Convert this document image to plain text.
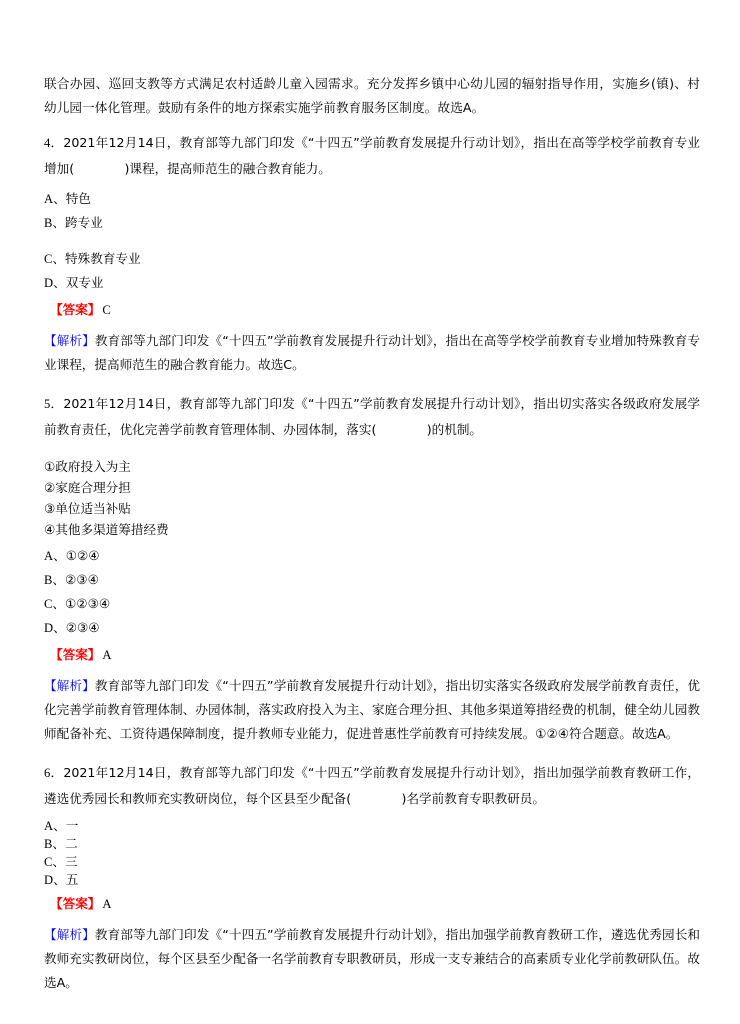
联合办园、巡回支教等方式满足农村适龄儿童入园需求。充分发挥乡镇中心幼儿园的辐射指导作用，实施乡(镇)、村幼儿园一体化管理。鼓励有条件的地方探索实施学前教育服务区制度。故选A。

4．2021年12月14日，教育部等九部门印发《“十四五”学前教育发展提升行动计划》，指出在高等学校学前教育专业增加(　　　　)课程，提高师范生的融合教育能力。

A、特色
B、跨专业
C、特殊教育专业
D、双专业

【答案】 C

【解析】教育部等九部门印发《“十四五”学前教育发展提升行动计划》，指出在高等学校学前教育专业增加特殊教育专业课程，提高师范生的融合教育能力。故选C。

5．2021年12月14日，教育部等九部门印发《“十四五”学前教育发展提升行动计划》，指出切实落实各级政府发展学前教育责任，优化完善学前教育管理体制、办园体制，落实(　　　　)的机制。

①政府投入为主
②家庭合理分担
③单位适当补贴
④其他多渠道筹措经费
A、①②④
B、②③④
C、①②③④
D、②③④

【答案】 A

【解析】教育部等九部门印发《“十四五”学前教育发展提升行动计划》，指出切实落实各级政府发展学前教育责任，优化完善学前教育管理体制、办园体制，落实政府投入为主、家庭合理分担、其他多渠道筹措经费的机制，健全幼儿园教师配备补充、工资待遇保障制度，提升教师专业能力，促进普惠性学前教育可持续发展。①②④符合题意。故选A。

6．2021年12月14日，教育部等九部门印发《“十四五”学前教育发展提升行动计划》，指出加强学前教育教研工作，遴选优秀园长和教师充实教研岗位，每个区县至少配备(　　　　)名学前教育专职教研员。

A、一
B、二
C、三
D、五

【答案】 A

【解析】教育部等九部门印发《“十四五”学前教育发展提升行动计划》，指出加强学前教育教研工作，遴选优秀园长和教师充实教研岗位，每个区县至少配备一名学前教育专职教研员，形成一支专兼结合的高素质专业化学前教研队伍。故选A。
